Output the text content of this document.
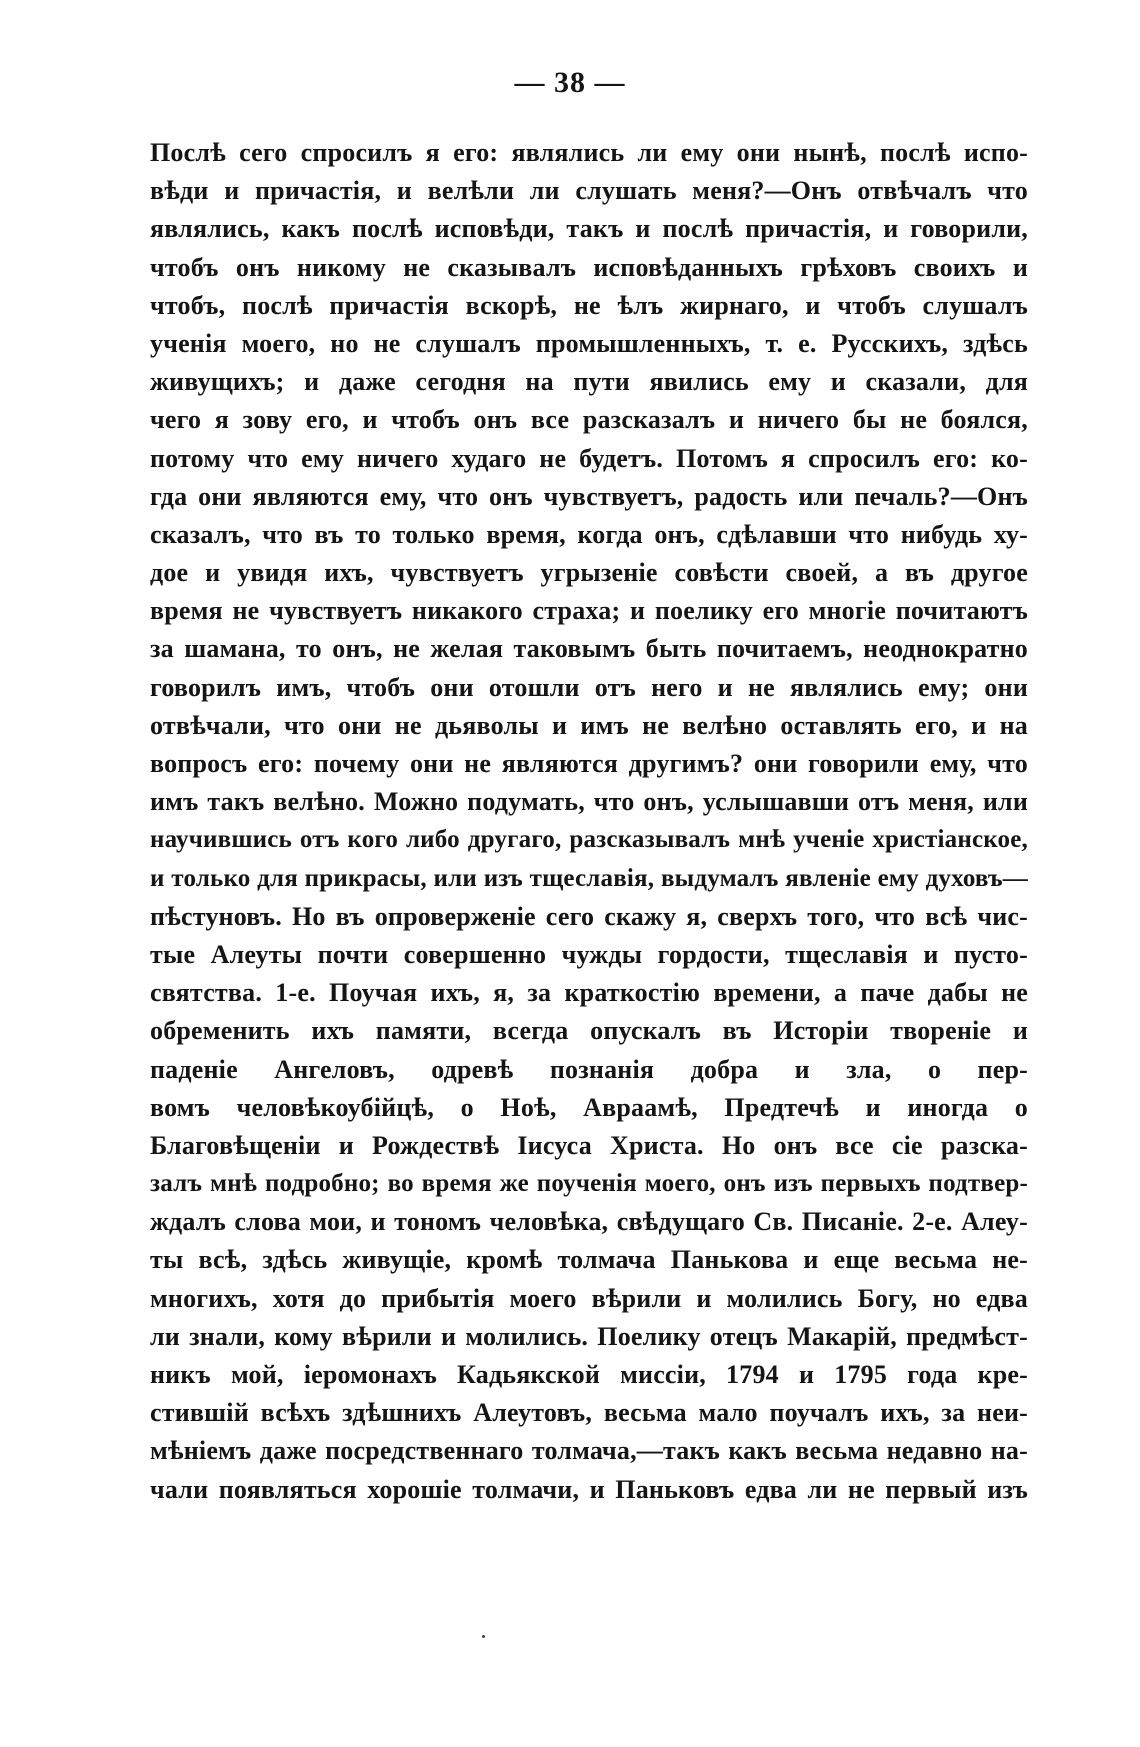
— 38 —
Послѣ сего спросилъ я его: являлись ли ему они нынѣ, послѣ испо-
вѣди и причастія, и велѣли ли слушать меня?—Онъ отвѣчалъ что
являлись, какъ послѣ исповѣди, такъ и послѣ причастія, и говорили,
чтобъ онъ никому не сказывалъ исповѣданныхъ грѣховъ своихъ и
чтобъ, послѣ причастія вскорѣ, не ѣлъ жирнаго, и чтобъ слушалъ
ученія моего, но не слушалъ промышленныхъ, т. е. Русскихъ, здѣсь
живущихъ; и даже сегодня на пути явились ему и сказали, для
чего я зову его, и чтобъ онъ все разсказалъ и ничего бы не боялся,
потому что ему ничего худаго не будетъ. Потомъ я спросилъ его: ко-
гда они являются ему, что онъ чувствуетъ, радость или печаль?—Онъ
сказалъ, что въ то только время, когда онъ, сдѣлавши что нибудь ху-
дое и увидя ихъ, чувствуетъ угрызеніе совѣсти своей, а въ другое
время не чувствуетъ никакого страха; и поелику его многіе почитаютъ
за шамана, то онъ, не желая таковымъ быть почитаемъ, неоднократно
говорилъ имъ, чтобъ они отошли отъ него и не являлись ему; они
отвѣчали, что они не дьяволы и имъ не велѣно оставлять его, и на
вопросъ его: почему они не являются другимъ? они говорили ему, что
имъ такъ велѣно. Можно подумать, что онъ, услышавши отъ меня, или
научившись отъ кого либо другаго, разсказывалъ мнѣ ученіе христіанское,
и только для прикрасы, или изъ тщеславія, выдумалъ явленіе ему духовъ—
пѣстуновъ. Но въ опроверженіе сего скажу я, сверхъ того, что всѣ чис-
тые Алеуты почти совершенно чужды гордости, тщеславія и пусто-
святства. 1-е. Поучая ихъ, я, за краткостію времени, а паче дабы не
обременить ихъ памяти, всегда опускалъ въ Исторіи твореніе и
паденіе Ангеловъ, одревѣ познанія добра и зла, о пер-
вомъ человѣкоубійцѣ, о Ноѣ, Авраамѣ, Предтечѣ и иногда о
Благовѣщеніи и Рождествѣ Іисуса Христа. Но онъ все сіе разска-
залъ мнѣ подробно; во время же поученія моего, онъ изъ первыхъ подтвер-
ждалъ слова мои, и тономъ человѣка, свѣдущаго Св. Писаніе. 2-е. Алеу-
ты всѣ, здѣсь живущіе, кромѣ толмача Панькова и еще весьма не-
многихъ, хотя до прибытія моего вѣрили и молились Богу, но едва
ли знали, кому вѣрили и молились. Поелику отецъ Макарій, предмѣст-
никъ мой, іеромонахъ Кадьякской миссіи, 1794 и 1795 года кре-
стившій всѣхъ здѣшнихъ Алеутовъ, весьма мало поучалъ ихъ, за неи-
мѣніемъ даже посредственнаго толмача,—такъ какъ весьма недавно на-
чали появляться хорошіе толмачи, и Паньковъ едва ли не первый изъ
